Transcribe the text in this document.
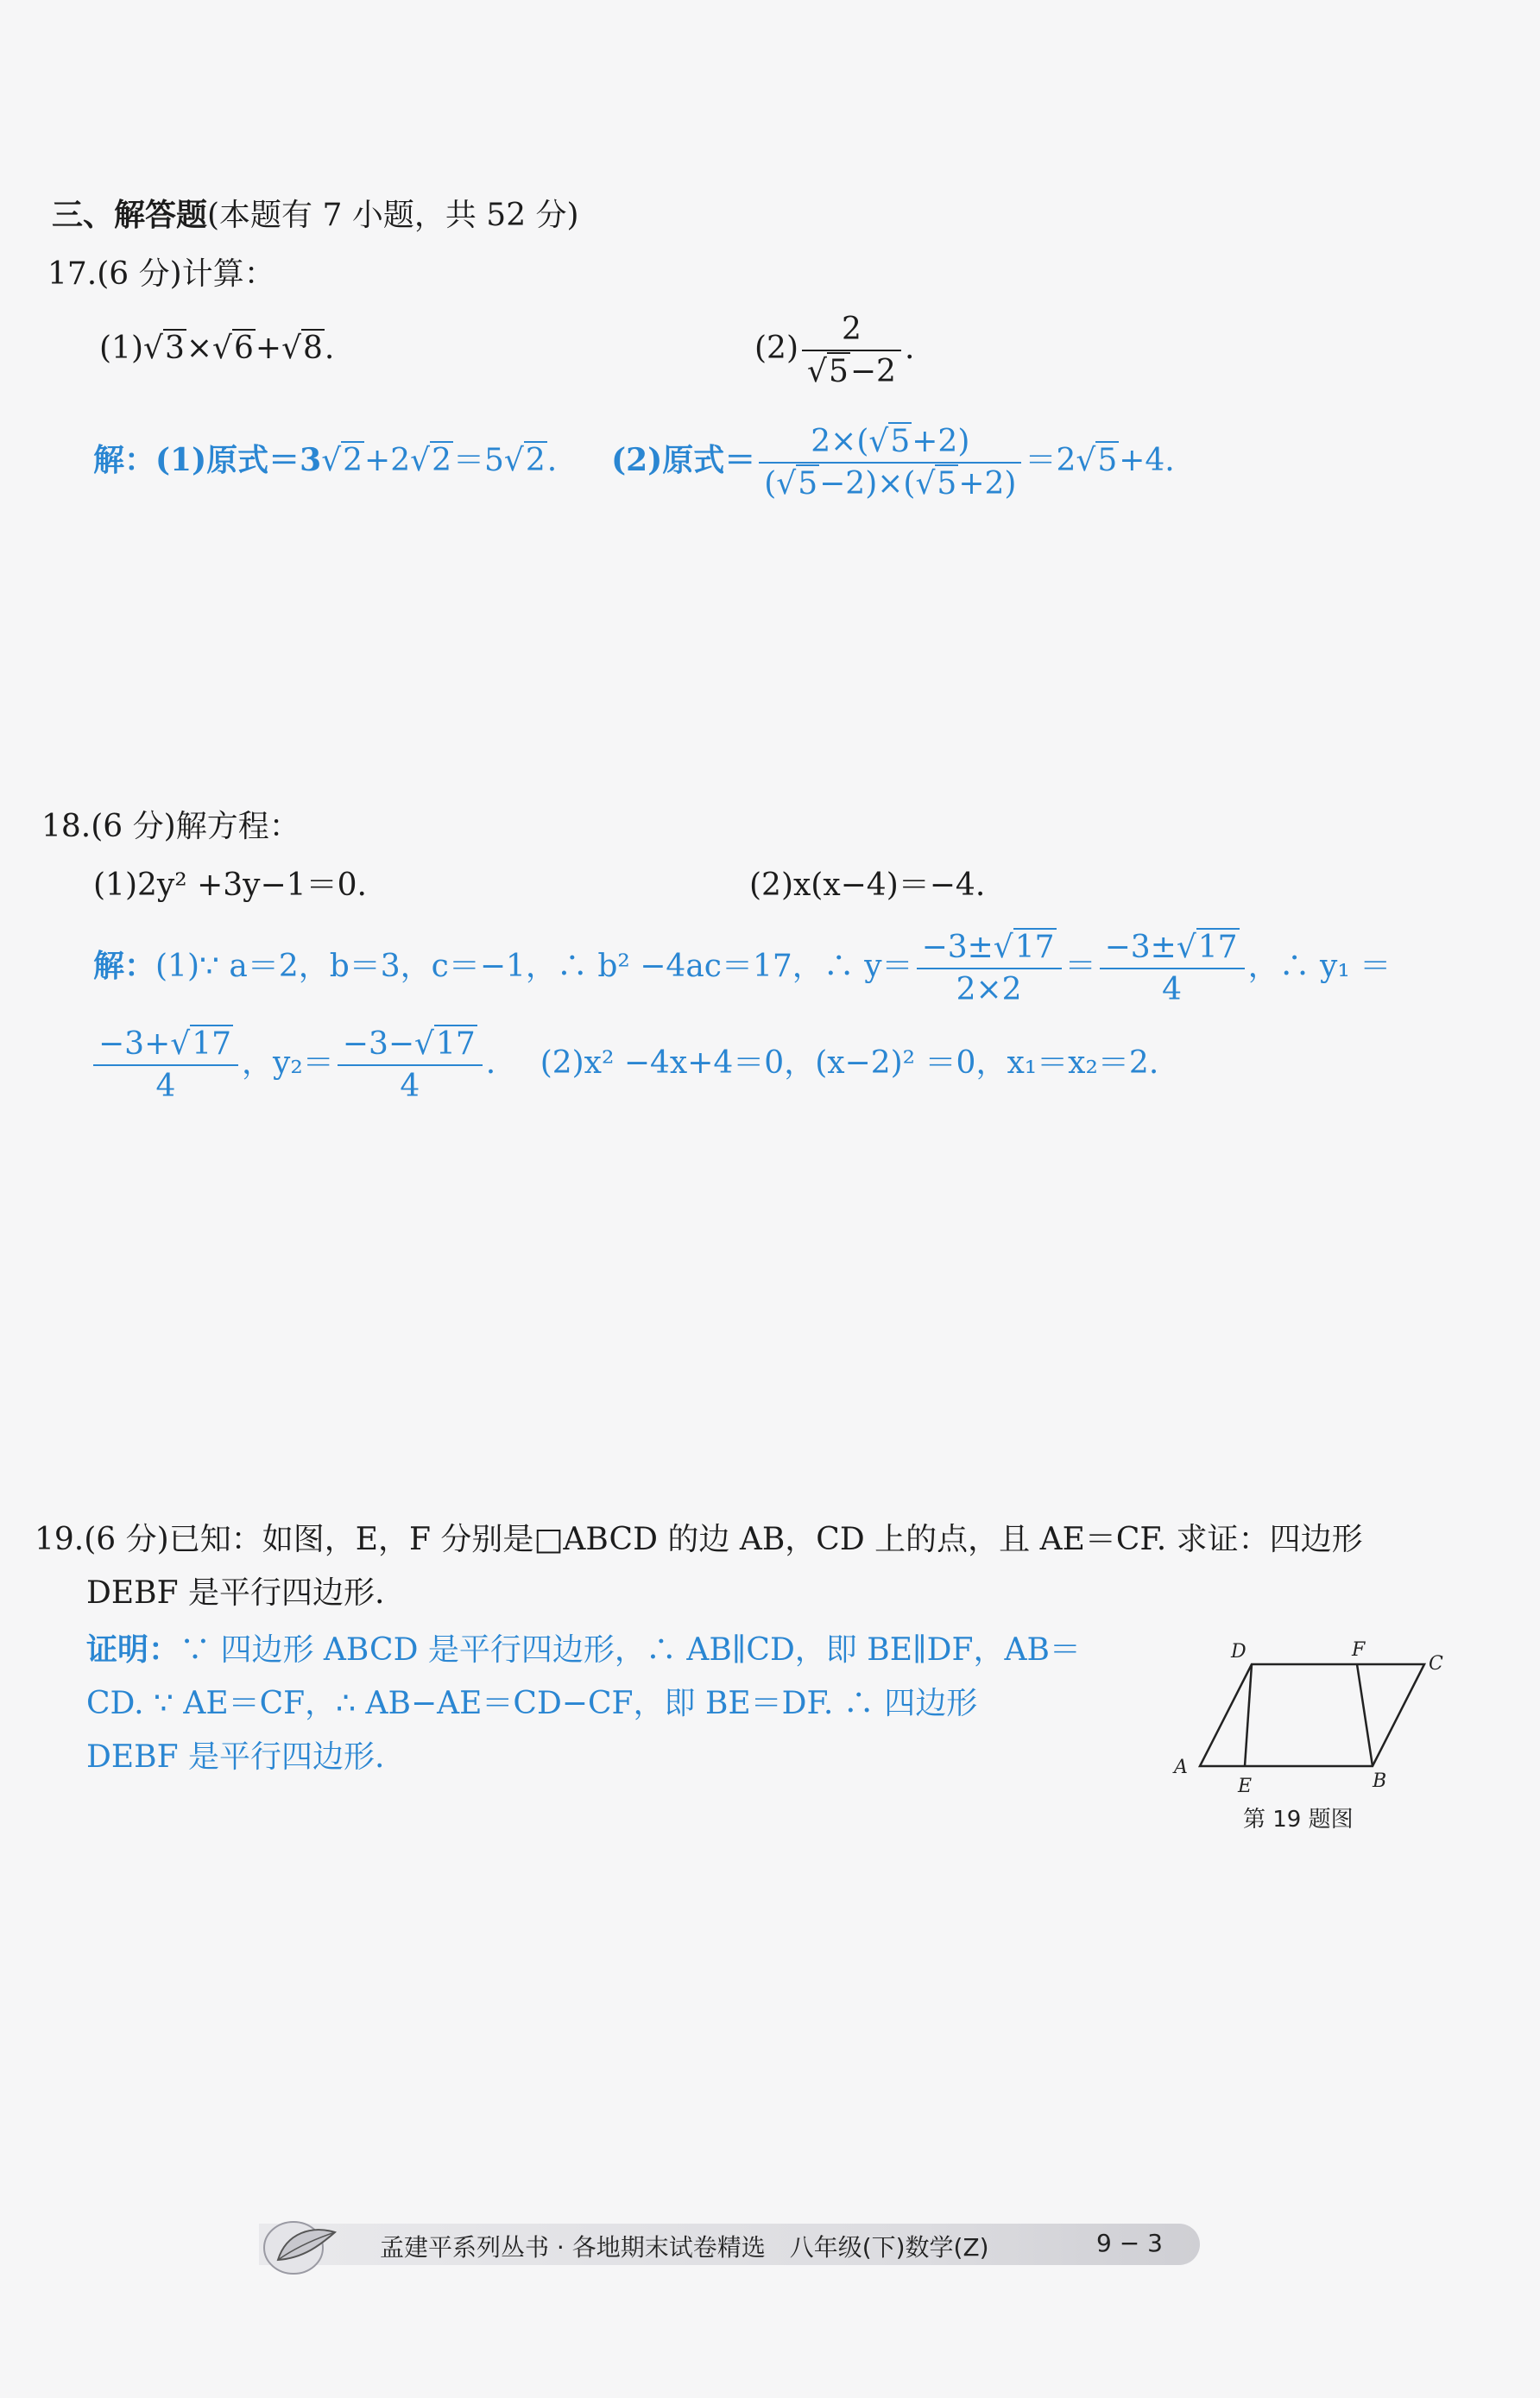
三、解答题(本题有 7 小题，共 52 分)
17.(6 分)计算：
(1)√3×√6+√8.	$(2) \frac{2}{√5-2}$ .
解：(1)原式＝3√2+2√2＝5√2. (2)原式＝ $\frac{2\times(√5+2)}{(√5-2)\times(√5+2)} =2√5+4$.
18.(6 分)解方程：
(1)2y² +3y−1＝0.	(2)x(x−4)＝−4.
解：(1)∵ a＝2，b＝3，c＝−1，∴ b² −4ac＝17，∴ $y= \frac{-3\pm√17}{2\times 2} = \frac{-3\pm√17}{4}$ ，∴ y₁ ＝
$\frac{-3+√17}{4}$ ，$y_2= \frac{-3-√17}{4}$ . (2)x² −4x+4＝0，(x−2)² ＝0，x₁＝x₂＝2.
19.(6 分)已知：如图，E，F 分别是□ABCD 的边 AB，CD 上的点，且 AE＝CF. 求证：四边形
DEBF 是平行四边形.
证明：∵ 四边形 ABCD 是平行四边形，∴ AB∥CD，即 BE∥DF，AB＝
CD. ∵ AE＝CF，∴ AB−AE＝CD−CF，即 BE＝DF. ∴ 四边形
DEBF 是平行四边形.	A
B
C
D
E
F
第 19 题图
孟建平系列丛书 · 各地期末试卷精选　八年级(下)数学(Z)	9 − 3
